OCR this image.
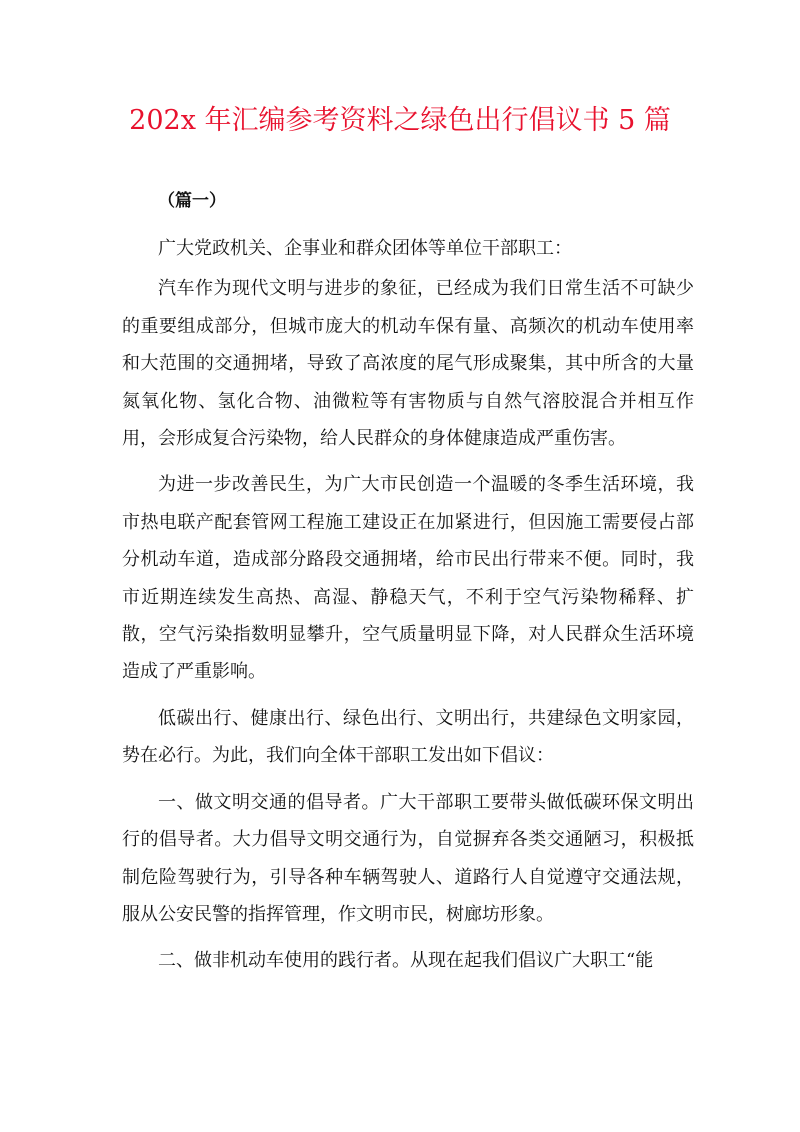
202x 年汇编参考资料之绿色出行倡议书 5 篇
（篇一）

广大党政机关、企事业和群众团体等单位干部职工：

汽车作为现代文明与进步的象征，已经成为我们日常生活不可缺少的重要组成部分，但城市庞大的机动车保有量、高频次的机动车使用率和大范围的交通拥堵，导致了高浓度的尾气形成聚集，其中所含的大量氮氧化物、氢化合物、油微粒等有害物质与自然气溶胶混合并相互作用，会形成复合污染物，给人民群众的身体健康造成严重伤害。

为进一步改善民生，为广大市民创造一个温暖的冬季生活环境，我市热电联产配套管网工程施工建设正在加紧进行，但因施工需要侵占部分机动车道，造成部分路段交通拥堵，给市民出行带来不便。同时，我市近期连续发生高热、高湿、静稳天气，不利于空气污染物稀释、扩散，空气污染指数明显攀升，空气质量明显下降，对人民群众生活环境造成了严重影响。

低碳出行、健康出行、绿色出行、文明出行，共建绿色文明家园，势在必行。为此，我们向全体干部职工发出如下倡议：

一、做文明交通的倡导者。广大干部职工要带头做低碳环保文明出行的倡导者。大力倡导文明交通行为，自觉摒弃各类交通陋习，积极抵制危险驾驶行为，引导各种车辆驾驶人、道路行人自觉遵守交通法规，服从公安民警的指挥管理，作文明市民，树廊坊形象。

二、做非机动车使用的践行者。从现在起我们倡议广大职工“能
